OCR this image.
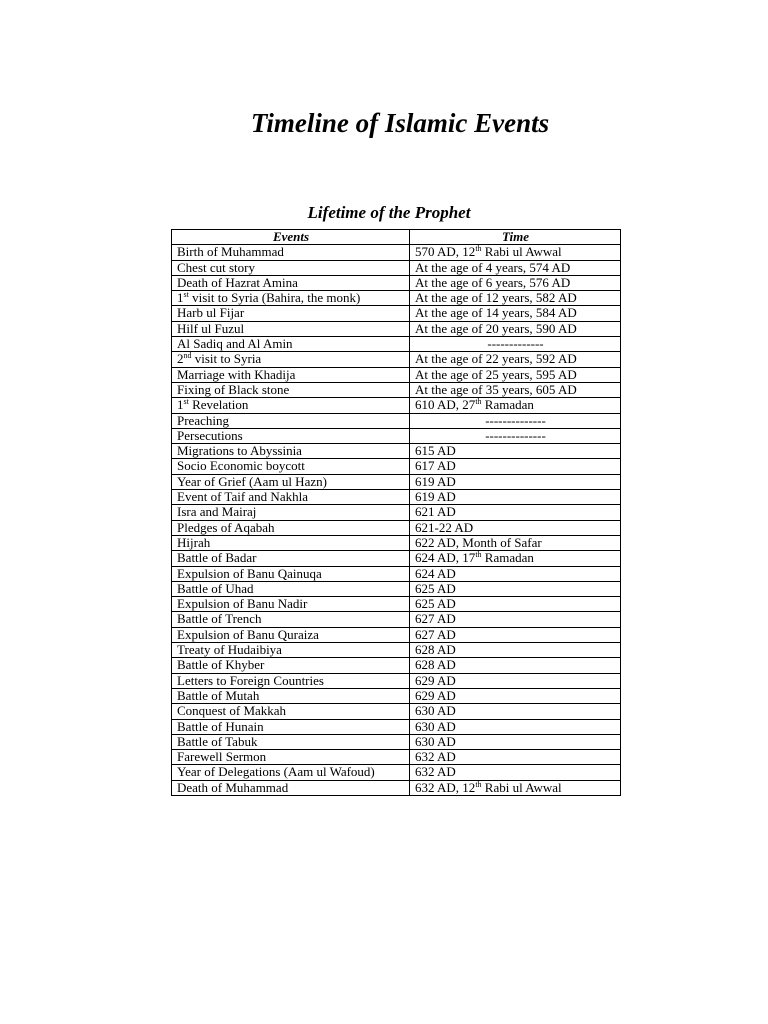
Timeline of Islamic Events
Lifetime of the Prophet
Events	Time
Birth of Muhammad	570 AD, 12th Rabi ul Awwal
Chest cut story	At the age of 4 years, 574 AD
Death of Hazrat Amina	At the age of 6 years, 576 AD
1st visit to Syria (Bahira, the monk)	At the age of 12 years, 582 AD
Harb ul Fijar	At the age of 14 years, 584 AD
Hilf ul Fuzul	At the age of 20 years, 590 AD
Al Sadiq and Al Amin	-------------
2nd visit to Syria	At the age of 22 years, 592 AD
Marriage with Khadija	At the age of 25 years, 595 AD
Fixing of Black stone	At the age of 35 years, 605 AD
1st Revelation	610 AD, 27th Ramadan
Preaching	--------------
Persecutions	--------------
Migrations to Abyssinia	615 AD
Socio Economic boycott	617 AD
Year of Grief (Aam ul Hazn)	619 AD
Event of Taif and Nakhla	619 AD
Isra and Mairaj	621 AD
Pledges of Aqabah	621-22 AD
Hijrah	622 AD, Month of Safar
Battle of Badar	624 AD, 17th Ramadan
Expulsion of Banu Qainuqa	624 AD
Battle of Uhad	625 AD
Expulsion of Banu Nadir	625 AD
Battle of Trench	627 AD
Expulsion of Banu Quraiza	627 AD
Treaty of Hudaibiya	628 AD
Battle of Khyber	628 AD
Letters to Foreign Countries	629 AD
Battle of Mutah	629 AD
Conquest of Makkah	630 AD
Battle of Hunain	630 AD
Battle of Tabuk	630 AD
Farewell Sermon	632 AD
Year of Delegations (Aam ul Wafoud)	632 AD
Death of Muhammad	632 AD, 12th Rabi ul Awwal
